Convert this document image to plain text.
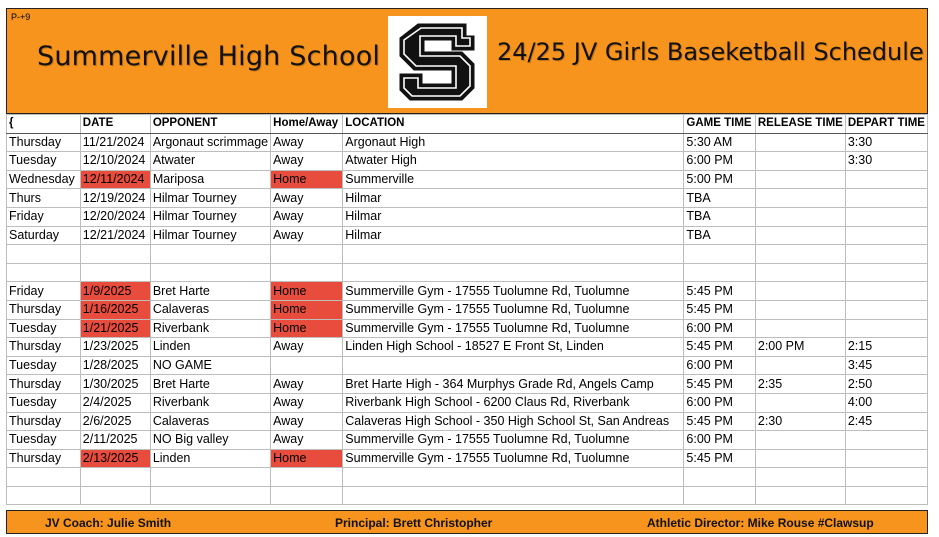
P-+9
Summerville High School	24/25 JV Girls Baseketball Schedule
{	DATE	OPPONENT	Home/Away	LOCATION	GAME TIME	RELEASE TIME	DEPART TIME
Thursday	11/21/2024	Argonaut scrimmage	Away	Argonaut High	5:30 AM		3:30
Tuesday	12/10/2024	Atwater	Away	Atwater High	6:00 PM		3:30
Wednesday	12/11/2024	Mariposa	Home	Summerville	5:00 PM		
Thurs	12/19/2024	Hilmar Tourney	Away	Hilmar	TBA		
Friday	12/20/2024	Hilmar Tourney	Away	Hilmar	TBA		
Saturday	12/21/2024	Hilmar Tourney	Away	Hilmar	TBA		

Friday	1/9/2025	Bret Harte	Home	Summerville Gym - 17555 Tuolumne Rd, Tuolumne	5:45 PM		
Thursday	1/16/2025	Calaveras	Home	Summerville Gym - 17555 Tuolumne Rd, Tuolumne	5:45 PM		
Tuesday	1/21/2025	Riverbank	Home	Summerville Gym - 17555 Tuolumne Rd, Tuolumne	6:00 PM		
Thursday	1/23/2025	Linden	Away	Linden High School - 18527 E Front St, Linden	5:45 PM	2:00 PM	2:15
Tuesday	1/28/2025	NO GAME			6:00 PM		3:45
Thursday	1/30/2025	Bret Harte	Away	Bret Harte High - 364 Murphys Grade Rd, Angels Camp	5:45 PM	2:35	2:50
Tuesday	2/4/2025	Riverbank	Away	Riverbank High School - 6200 Claus Rd, Riverbank	6:00 PM		4:00
Thursday	2/6/2025	Calaveras	Away	Calaveras High School - 350 High School St, San Andreas	5:45 PM	2:30	2:45
Tuesday	2/11/2025	NO Big valley	Away	Summerville Gym - 17555 Tuolumne Rd, Tuolumne	6:00 PM		
Thursday	2/13/2025	Linden	Home	Summerville Gym - 17555 Tuolumne Rd, Tuolumne	5:45 PM		

JV Coach: Julie Smith	Principal: Brett Christopher	Athletic Director: Mike Rouse #Clawsup
